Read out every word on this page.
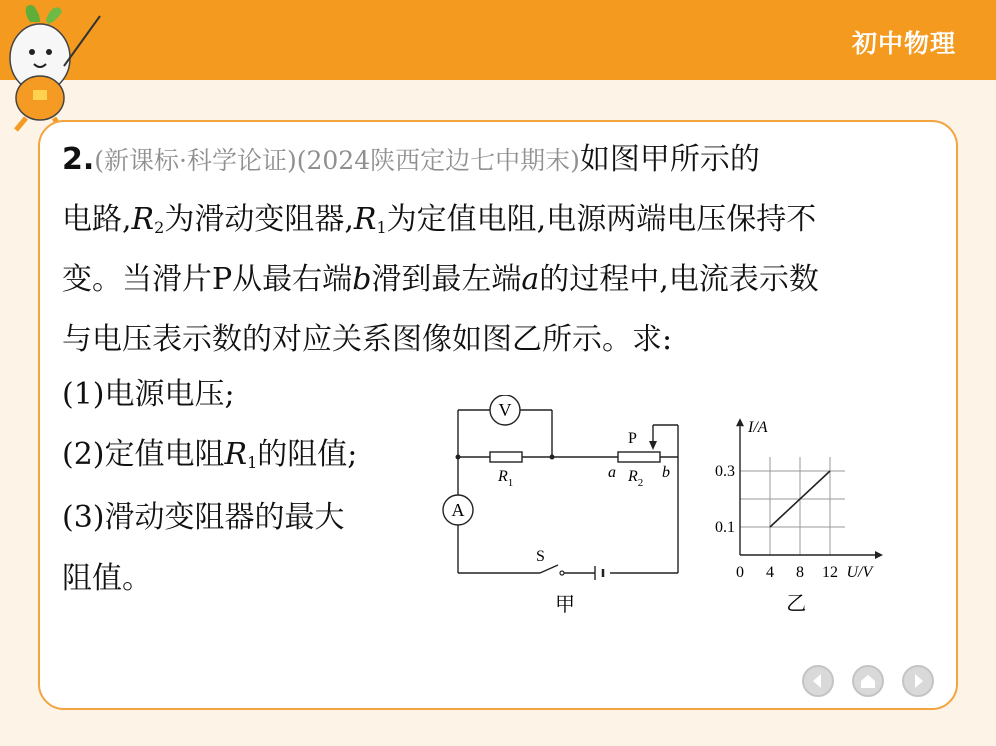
初中物理
2.(新课标·科学论证)(2024陕西定边七中期末)如图甲所示的
电路$,R_2$为滑动变阻器$,R_1$为定值电阻,电源两端电压保持不
变。当滑片P从最右端b滑到最左端a的过程中,电流表示数
与电压表示数的对应关系图像如图乙所示。求:
(1)电源电压;
(2)定值电阻$R_1$的阻值;
(3)滑动变阻器的最大
阻值。
V
A
$R_1$
P
a $R_2$
b
S
甲
0 4 8 12
0.1
0.3
U/V
I/A
乙
